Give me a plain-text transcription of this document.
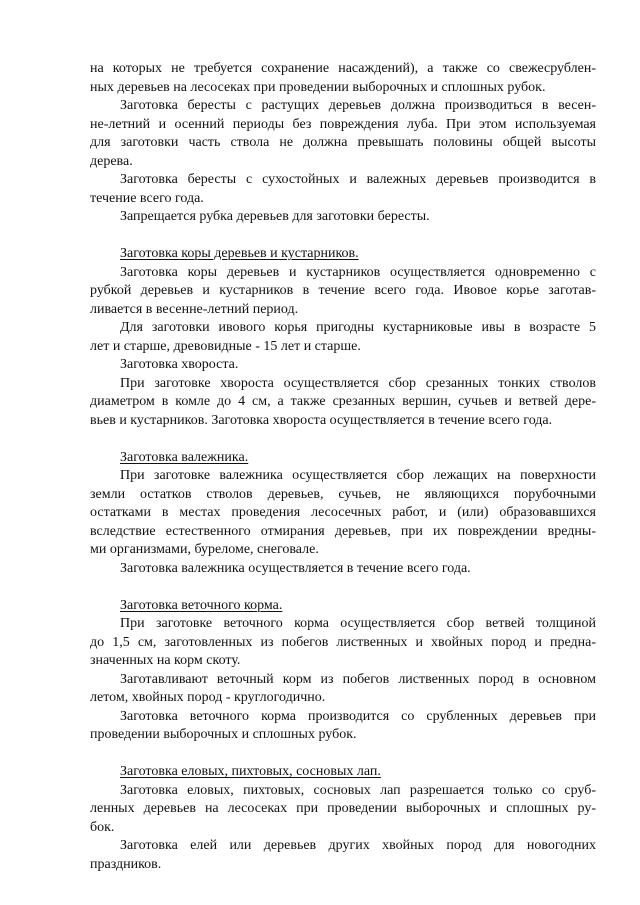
на которых не требуется сохранение насаждений), а также со свежесрублен-
ных деревьев на лесосеках при проведении выборочных и сплошных рубок.
Заготовка бересты с растущих деревьев должна производиться в весен-
не-летний и осенний периоды без повреждения луба. При этом используемая
для заготовки часть ствола не должна превышать половины общей высоты
дерева.
Заготовка бересты с сухостойных и валежных деревьев производится в
течение всего года.
Запрещается рубка деревьев для заготовки бересты.
Заготовка коры деревьев и кустарников.
Заготовка коры деревьев и кустарников осуществляется одновременно с
рубкой деревьев и кустарников в течение всего года. Ивовое корье заготав-
ливается в весенне-летний период.
Для заготовки ивового корья пригодны кустарниковые ивы в возрасте 5
лет и старше, древовидные - 15 лет и старше.
Заготовка хвороста.
При заготовке хвороста осуществляется сбор срезанных тонких стволов
диаметром в комле до 4 см, а также срезанных вершин, сучьев и ветвей дере-
вьев и кустарников. Заготовка хвороста осуществляется в течение всего года.
Заготовка валежника.
При заготовке валежника осуществляется сбор лежащих на поверхности
земли остатков стволов деревьев, сучьев, не являющихся порубочными
остатками в местах проведения лесосечных работ, и (или) образовавшихся
вследствие естественного отмирания деревьев, при их повреждении вредны-
ми организмами, буреломе, снеговале.
Заготовка валежника осуществляется в течение всего года.
Заготовка веточного корма.
При заготовке веточного корма осуществляется сбор ветвей толщиной
до 1,5 см, заготовленных из побегов лиственных и хвойных пород и предна-
значенных на корм скоту.
Заготавливают веточный корм из побегов лиственных пород в основном
летом, хвойных пород - круглогодично.
Заготовка веточного корма производится со срубленных деревьев при
проведении выборочных и сплошных рубок.
Заготовка еловых, пихтовых, сосновых лап.
Заготовка еловых, пихтовых, сосновых лап разрешается только со сруб-
ленных деревьев на лесосеках при проведении выборочных и сплошных ру-
бок.
Заготовка елей или деревьев других хвойных пород для новогодних
праздников.
